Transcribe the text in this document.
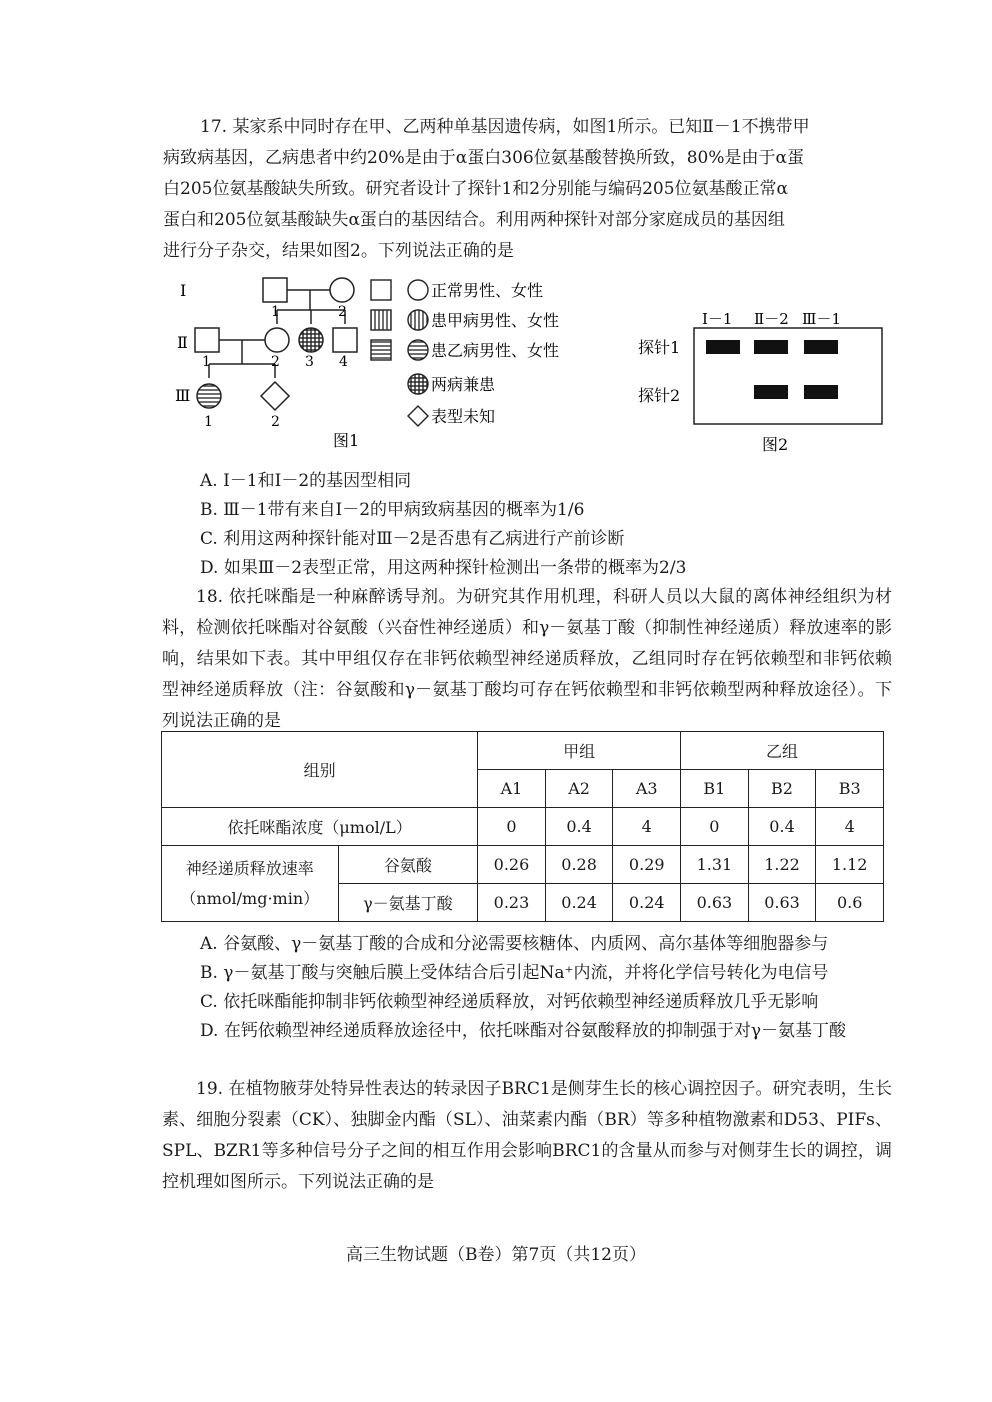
17. 某家系中同时存在甲、乙两种单基因遗传病，如图1所示。已知Ⅱ－1不携带甲
病致病基因，乙病患者中约20%是由于α蛋白306位氨基酸替换所致，80%是由于α蛋
白205位氨基酸缺失所致。研究者设计了探针1和2分别能与编码205位氨基酸正常α
蛋白和205位氨基酸缺失α蛋白的基因结合。利用两种探针对部分家庭成员的基因组
进行分子杂交，结果如图2。下列说法正确的是
Ⅰ
Ⅱ
Ⅲ
1	2
1	2 3 4
1	2
正常男性、女性
患甲病男性、女性
患乙病男性、女性
两病兼患
表型未知
图1
Ⅰ－1 Ⅱ－2 Ⅲ－1
探针1
探针2
图2
A. Ⅰ－1和Ⅰ－2的基因型相同
B. Ⅲ－1带有来自Ⅰ－2的甲病致病基因的概率为1/6
C. 利用这两种探针能对Ⅲ－2是否患有乙病进行产前诊断
D. 如果Ⅲ－2表型正常，用这两种探针检测出一条带的概率为2/3
18. 依托咪酯是一种麻醉诱导剂。为研究其作用机理，科研人员以大鼠的离体神经组织为材料，检测依托咪酯对谷氨酸（兴奋性神经递质）和γ－氨基丁酸（抑制性神经递质）释放速率的影响，结果如下表。其中甲组仅存在非钙依赖型神经递质释放，乙组同时存在钙依赖型和非钙依赖型神经递质释放（注：谷氨酸和γ－氨基丁酸均可存在钙依赖型和非钙依赖型两种释放途径）。下列说法正确的是
组别		甲组			乙组		
		A1	A2	A3	B1	B2	B3
依托咪酯浓度（μmol/L）		0	0.4	4	0	0.4	4

神经递质释放速率
（nmol/mg·min）	谷氨酸	0.26	0.28	0.29	1.31	1.22	1.12
	γ－氨基丁酸	0.23	0.24	0.24	0.63	0.63	0.6
A. 谷氨酸、γ－氨基丁酸的合成和分泌需要核糖体、内质网、高尔基体等细胞器参与
B. γ－氨基丁酸与突触后膜上受体结合后引起Na⁺内流，并将化学信号转化为电信号
C. 依托咪酯能抑制非钙依赖型神经递质释放，对钙依赖型神经递质释放几乎无影响
D. 在钙依赖型神经递质释放途径中，依托咪酯对谷氨酸释放的抑制强于对γ－氨基丁酸
19. 在植物腋芽处特异性表达的转录因子BRC1是侧芽生长的核心调控因子。研究表明，生长素、细胞分裂素（CK）、独脚金内酯（SL）、油菜素内酯（BR）等多种植物激素和D53、PIFs、SPL、BZR1等多种信号分子之间的相互作用会影响BRC1的含量从而参与对侧芽生长的调控，调控机理如图所示。下列说法正确的是
高三生物试题（B卷）第7页（共12页）
